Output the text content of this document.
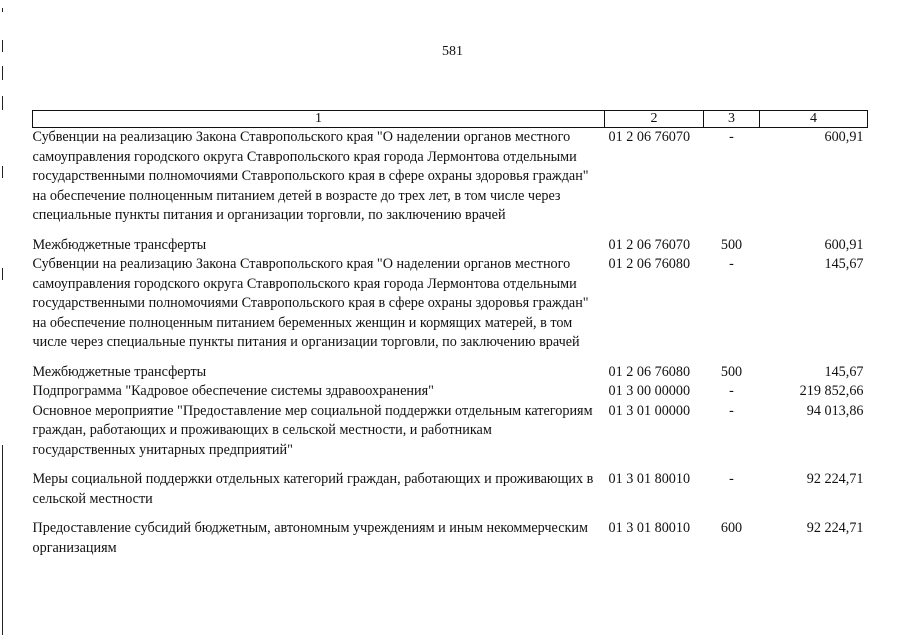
581
1	2	3	4
Субвенции на реализацию Закона Ставропольского края "О наделении органов местного самоуправления городского округа Ставропольского края города Лермонтова отдельными государственными полномочиями Ставропольского края в сфере охраны здоровья граждан" на обеспечение полноценным питанием детей в возрасте до трех лет, в том числе через специальные пункты питания и организации торговли, по заключению врачей	01 2 06 76070	-	600,91
Межбюджетные трансферты	01 2 06 76070	500	600,91
Субвенции на реализацию Закона Ставропольского края "О наделении органов местного самоуправления городского округа Ставропольского края города Лермонтова отдельными государственными полномочиями Ставропольского края в сфере охраны здоровья граждан" на обеспечение полноценным питанием беременных женщин и кормящих матерей, в том числе через специальные пункты питания и организации торговли, по заключению врачей	01 2 06 76080	-	145,67
Межбюджетные трансферты	01 2 06 76080	500	145,67
Подпрограмма "Кадровое обеспечение системы здравоохранения"	01 3 00 00000	-	219 852,66
Основное мероприятие "Предоставление мер социальной поддержки отдельным категориям граждан, работающих и проживающих в сельской местности, и работникам государственных унитарных предприятий"	01 3 01 00000	-	94 013,86
Меры социальной поддержки отдельных категорий граждан, работающих и проживающих в сельской местности	01 3 01 80010	-	92 224,71
Предоставление субсидий бюджетным, автономным учреждениям и иным некоммерческим организациям	01 3 01 80010	600	92 224,71
